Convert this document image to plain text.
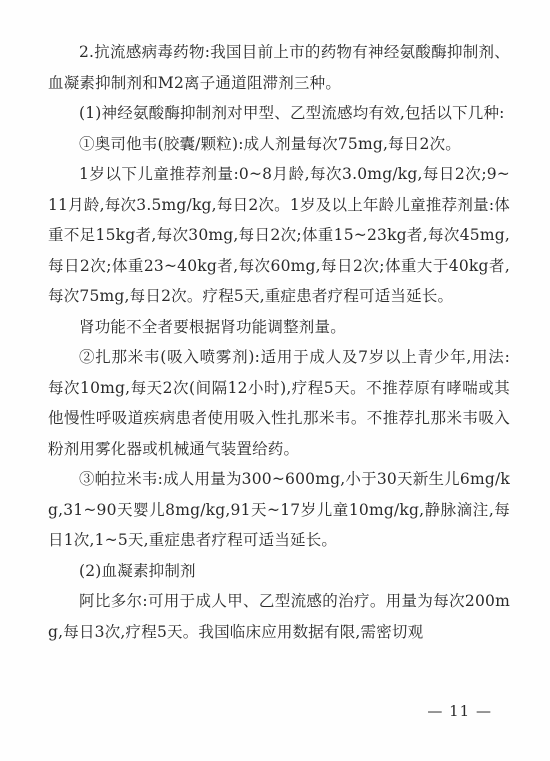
2.抗流感病毒药物:我国目前上市的药物有神经氨酸酶抑制剂、血凝素抑制剂和M2离子通道阻滞剂三种。

(1)神经氨酸酶抑制剂对甲型、乙型流感均有效,包括以下几种:

①奥司他韦(胶囊/颗粒):成人剂量每次75mg,每日2次。

1岁以下儿童推荐剂量:0~8月龄,每次3.0mg/kg,每日2次;9~11月龄,每次3.5mg/kg,每日2次。1岁及以上年龄儿童推荐剂量:体重不足15kg者,每次30mg,每日2次;体重15~23kg者,每次45mg,每日2次;体重23~40kg者,每次60mg,每日2次;体重大于40kg者,每次75mg,每日2次。疗程5天,重症患者疗程可适当延长。

肾功能不全者要根据肾功能调整剂量。

②扎那米韦(吸入喷雾剂):适用于成人及7岁以上青少年,用法:每次10mg,每天2次(间隔12小时),疗程5天。不推荐原有哮喘或其他慢性呼吸道疾病患者使用吸入性扎那米韦。不推荐扎那米韦吸入粉剂用雾化器或机械通气装置给药。

③帕拉米韦:成人用量为300~600mg,小于30天新生儿6mg/kg,31~90天婴儿8mg/kg,91天~17岁儿童10mg/kg,静脉滴注,每日1次,1~5天,重症患者疗程可适当延长。

(2)血凝素抑制剂

阿比多尔:可用于成人甲、乙型流感的治疗。用量为每次200mg,每日3次,疗程5天。我国临床应用数据有限,需密切观

— 11 —
